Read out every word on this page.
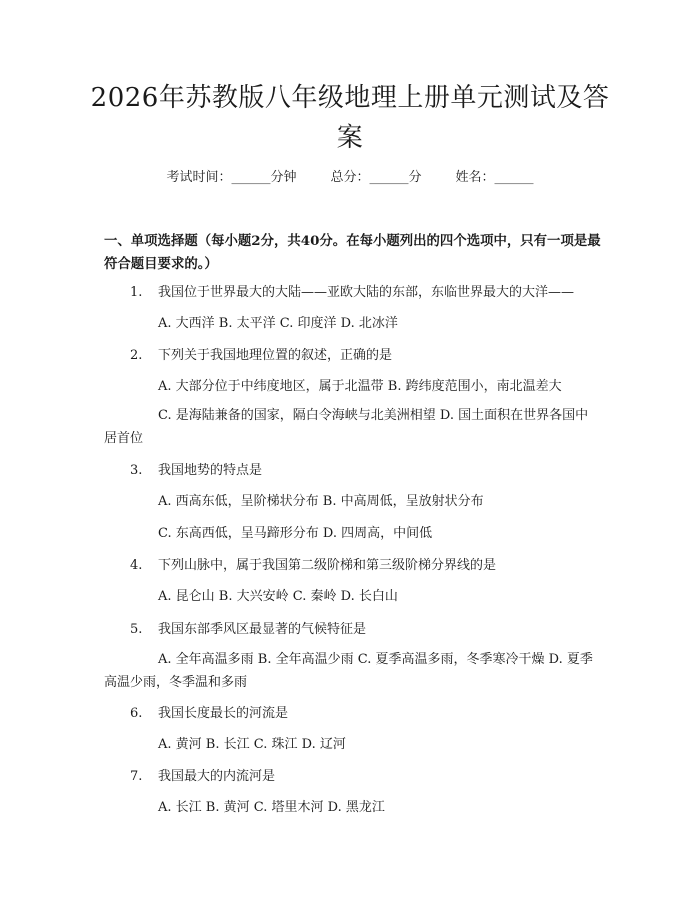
2026年苏教版八年级地理上册单元测试及答案
考试时间：______分钟	总分：______分	姓名：______
一、单项选择题（每小题2分，共40分。在每小题列出的四个选项中，只有一项是最符合题目要求的。）
1. 我国位于世界最大的大陆——亚欧大陆的东部，东临世界最大的大洋——
A. 大西洋 B. 太平洋 C. 印度洋 D. 北冰洋
2. 下列关于我国地理位置的叙述，正确的是
A. 大部分位于中纬度地区，属于北温带 B. 跨纬度范围小，南北温差大
C. 是海陆兼备的国家，隔白令海峡与北美洲相望 D. 国土面积在世界各国中居首位
3. 我国地势的特点是
A. 西高东低，呈阶梯状分布 B. 中高周低，呈放射状分布
C. 东高西低，呈马蹄形分布 D. 四周高，中间低
4. 下列山脉中，属于我国第二级阶梯和第三级阶梯分界线的是
A. 昆仑山 B. 大兴安岭 C. 秦岭 D. 长白山
5. 我国东部季风区最显著的气候特征是
A. 全年高温多雨 B. 全年高温少雨 C. 夏季高温多雨，冬季寒冷干燥 D. 夏季高温少雨，冬季温和多雨
6. 我国长度最长的河流是
A. 黄河 B. 长江 C. 珠江 D. 辽河
7. 我国最大的内流河是
A. 长江 B. 黄河 C. 塔里木河 D. 黑龙江
